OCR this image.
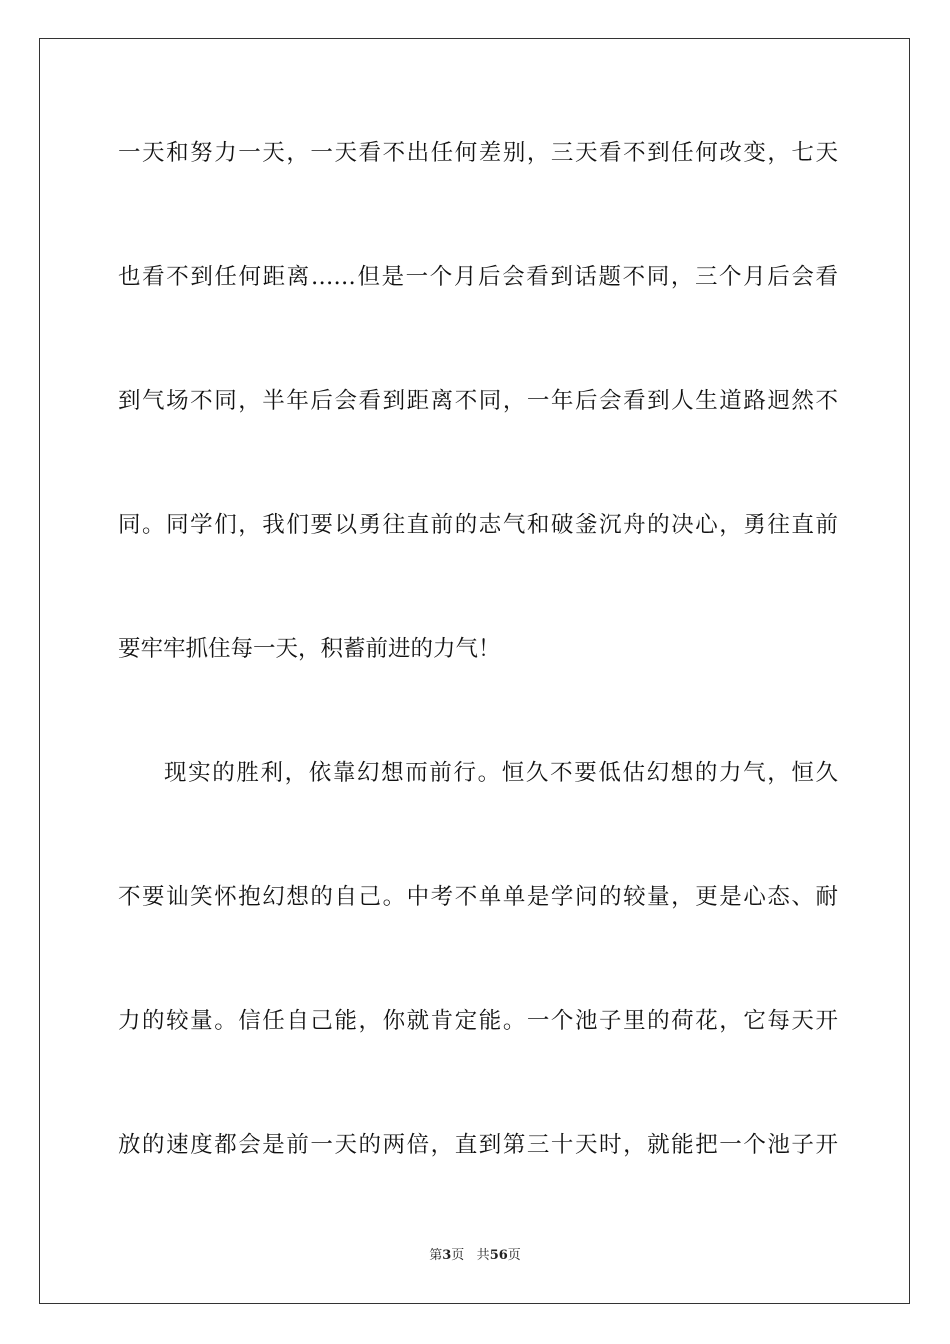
一天和努力一天，一天看不出任何差别，三天看不到任何改变，七天
也看不到任何距离……但是一个月后会看到话题不同，三个月后会看
到气场不同，半年后会看到距离不同，一年后会看到人生道路迥然不
同。同学们，我们要以勇往直前的志气和破釜沉舟的决心，勇往直前
要牢牢抓住每一天，积蓄前进的力气！
现实的胜利，依靠幻想而前行。恒久不要低估幻想的力气，恒久
不要讪笑怀抱幻想的自己。中考不单单是学问的较量，更是心态、耐
力的较量。信任自己能，你就肯定能。一个池子里的荷花，它每天开
放的速度都会是前一天的两倍，直到第三十天时，就能把一个池子开
第3页 共56页
